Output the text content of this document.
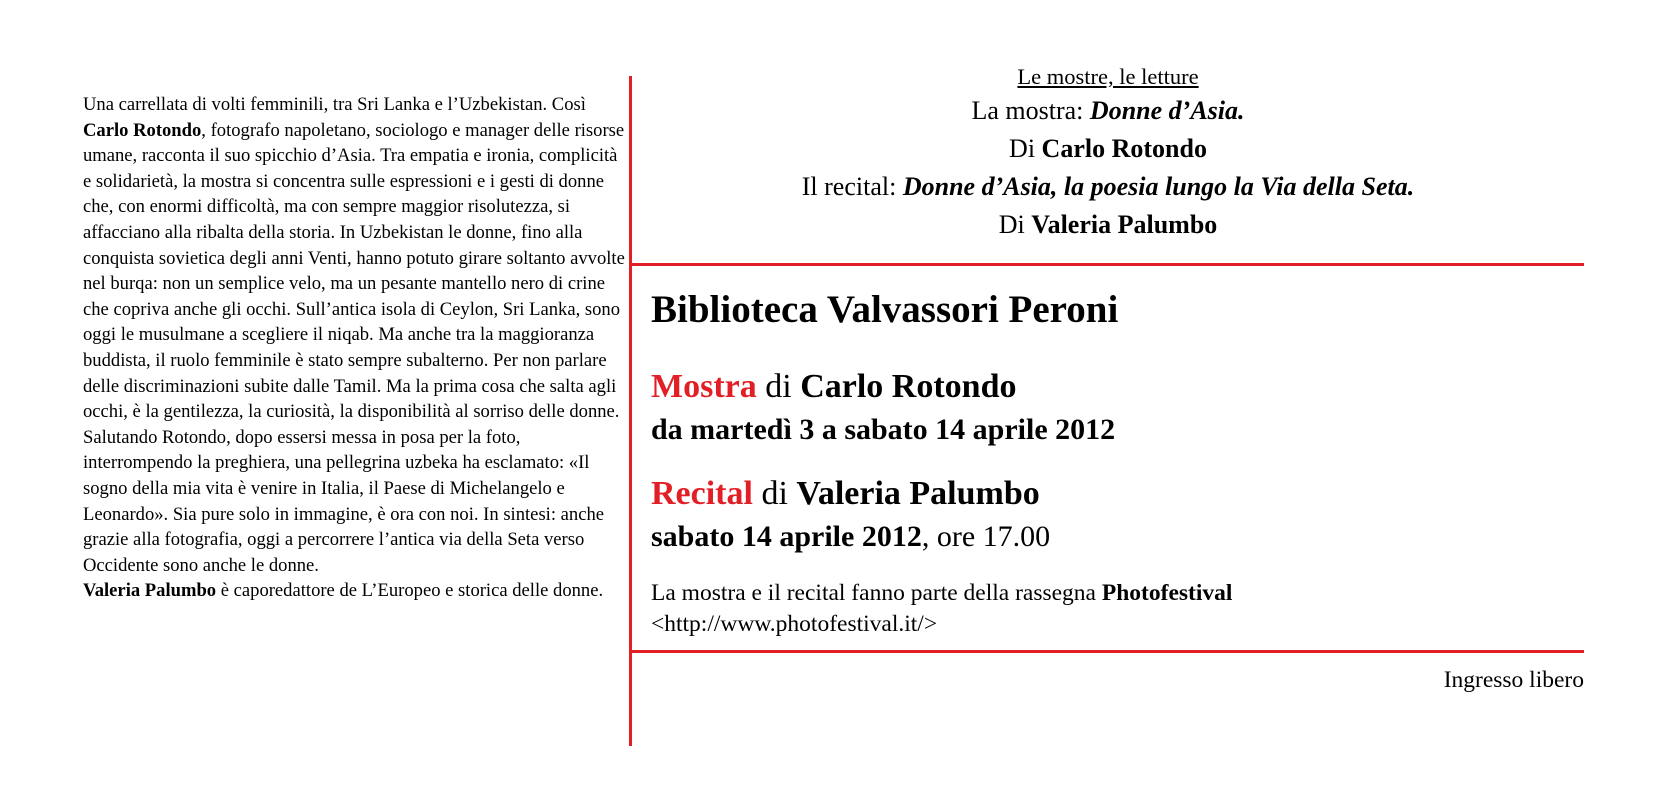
Una carrellata di volti femminili, tra Sri Lanka e l’Uzbekistan. Così Carlo Rotondo, fotografo napoletano, sociologo e manager delle risorse umane, racconta il suo spicchio d’Asia. Tra empatia e ironia, complicità e solidarietà, la mostra si concentra sulle espressioni e i gesti di donne che, con enormi difficoltà, ma con sempre maggior risolutezza, si affacciano alla ribalta della storia. In Uzbekistan le donne, fino alla conquista sovietica degli anni Venti, hanno potuto girare soltanto avvolte nel burqa: non un semplice velo, ma un pesante mantello nero di crine che copriva anche gli occhi. Sull’antica isola di Ceylon, Sri Lanka, sono oggi le musulmane a scegliere il niqab. Ma anche tra la maggioranza buddista, il ruolo femminile è stato sempre subalterno. Per non parlare delle discriminazioni subite dalle Tamil. Ma la prima cosa che salta agli occhi, è la gentilezza, la curiosità, la disponibilità al sorriso delle donne. Salutando Rotondo, dopo essersi messa in posa per la foto, interrompendo la preghiera, una pellegrina uzbeka ha esclamato: «Il sogno della mia vita è venire in Italia, il Paese di Michelangelo e Leonardo». Sia pure solo in immagine, è ora con noi. In sintesi: anche grazie alla fotografia, oggi a percorrere l’antica via della Seta verso Occidente sono anche le donne.

Valeria Palumbo è caporedattore de L’Europeo e storica delle donne.

Le mostre, le letture
La mostra: Donne d’Asia.
Di Carlo Rotondo
Il recital: Donne d’Asia, la poesia lungo la Via della Seta.
Di Valeria Palumbo
Biblioteca Valvassori Peroni
Mostra di Carlo Rotondo
da martedì 3 a sabato 14 aprile 2012
Recital di Valeria Palumbo
sabato 14 aprile 2012, ore 17.00
La mostra e il recital fanno parte della rassegna Photofestival
<http://www.photofestival.it/>
Ingresso libero
